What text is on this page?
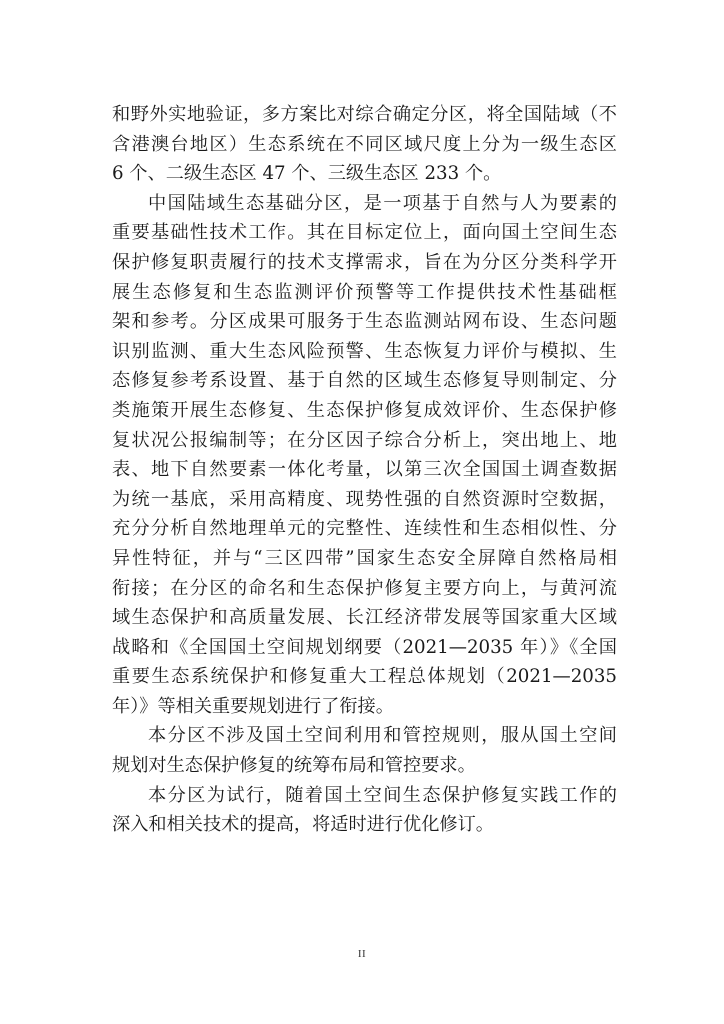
和野外实地验证，多方案比对综合确定分区，将全国陆域（不
含港澳台地区）生态系统在不同区域尺度上分为一级生态区
6 个、二级生态区 47 个、三级生态区 233 个。
中国陆域生态基础分区，是一项基于自然与人为要素的
重要基础性技术工作。其在目标定位上，面向国土空间生态
保护修复职责履行的技术支撑需求，旨在为分区分类科学开
展生态修复和生态监测评价预警等工作提供技术性基础框
架和参考。分区成果可服务于生态监测站网布设、生态问题
识别监测、重大生态风险预警、生态恢复力评价与模拟、生
态修复参考系设置、基于自然的区域生态修复导则制定、分
类施策开展生态修复、生态保护修复成效评价、生态保护修
复状况公报编制等；在分区因子综合分析上，突出地上、地
表、地下自然要素一体化考量，以第三次全国国土调查数据
为统一基底，采用高精度、现势性强的自然资源时空数据，
充分分析自然地理单元的完整性、连续性和生态相似性、分
异性特征，并与“三区四带”国家生态安全屏障自然格局相
衔接；在分区的命名和生态保护修复主要方向上，与黄河流
域生态保护和高质量发展、长江经济带发展等国家重大区域
战略和《全国国土空间规划纲要（2021—2035 年）》《全国
重要生态系统保护和修复重大工程总体规划（2021—2035
年）》等相关重要规划进行了衔接。
本分区不涉及国土空间利用和管控规则，服从国土空间
规划对生态保护修复的统筹布局和管控要求。
本分区为试行，随着国土空间生态保护修复实践工作的
深入和相关技术的提高，将适时进行优化修订。
II
